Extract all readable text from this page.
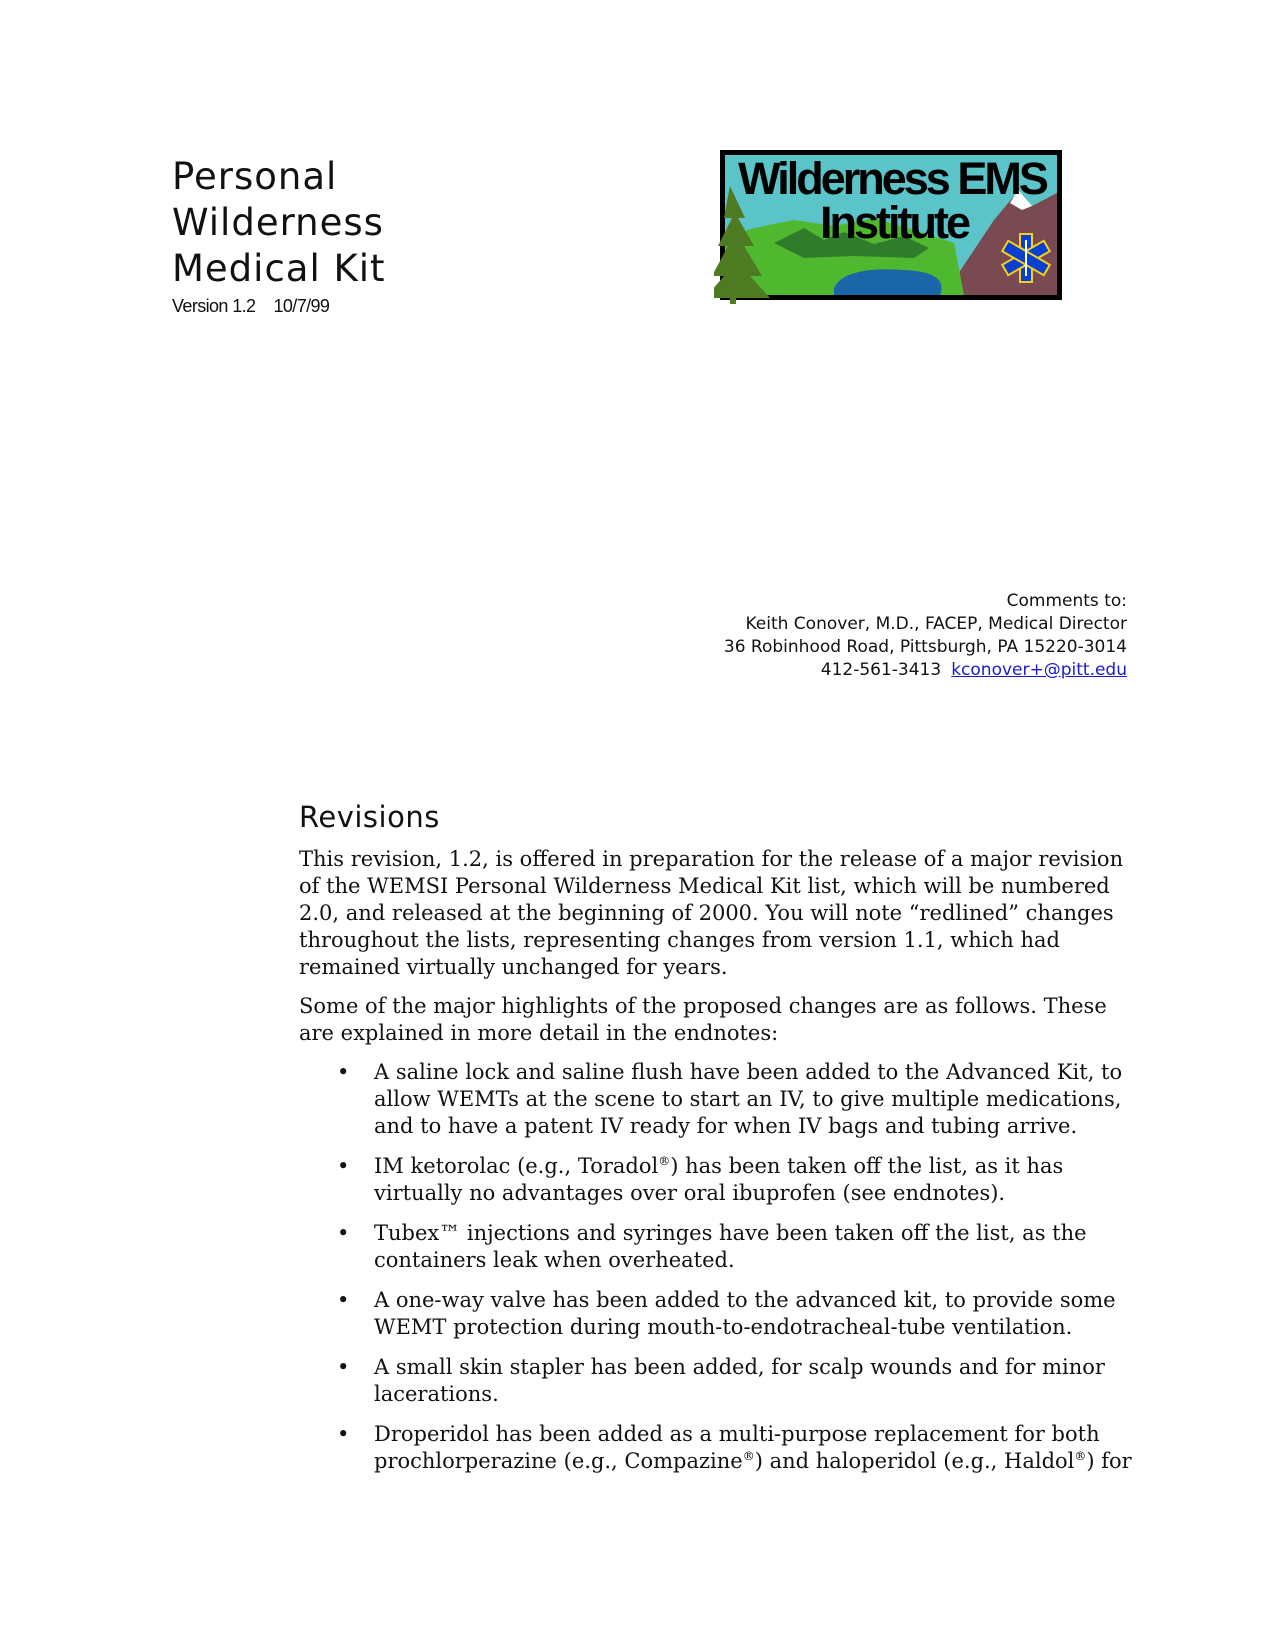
Personal
Wilderness
Medical Kit
Version 1.2 10/7/99
Wilderness EMS
Institute
Comments to:
Keith Conover, M.D., FACEP, Medical Director
36 Robinhood Road, Pittsburgh, PA 15220-3014
412-561-3413 kconover+@pitt.edu
Revisions

This revision, 1.2, is offered in preparation for the release of a major revision of the WEMSI Personal Wilderness Medical Kit list, which will be numbered 2.0, and released at the beginning of 2000. You will note “redlined” changes throughout the lists, representing changes from version 1.1, which had remained virtually unchanged for years.

Some of the major highlights of the proposed changes are as follows. These are explained in more detail in the endnotes:

• A saline lock and saline flush have been added to the Advanced Kit, to allow WEMTs at the scene to start an IV, to give multiple medications, and to have a patent IV ready for when IV bags and tubing arrive.
• IM ketorolac (e.g., Toradol®) has been taken off the list, as it has virtually no advantages over oral ibuprofen (see endnotes).
• Tubex™ injections and syringes have been taken off the list, as the containers leak when overheated.
• A one-way valve has been added to the advanced kit, to provide some WEMT protection during mouth-to-endotracheal-tube ventilation.
• A small skin stapler has been added, for scalp wounds and for minor lacerations.
• Droperidol has been added as a multi-purpose replacement for both prochlorperazine (e.g., Compazine®) and haloperidol (e.g., Haldol®) for
